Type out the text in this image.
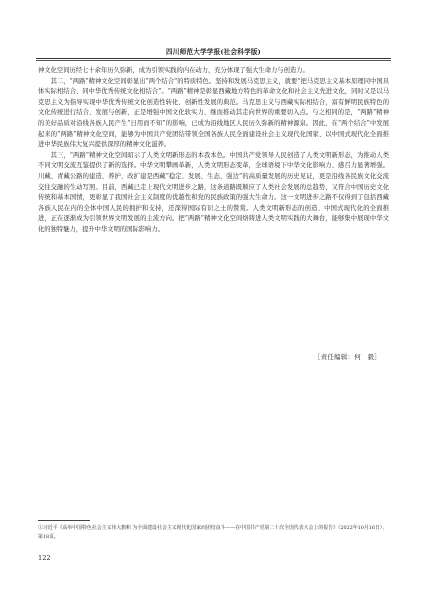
四川师范大学学报(社会科学版)

神文化空间历经七十余年历久弥新，成为引领实践的内在动力，充分体现了强大生命力与创造力。

其二，“两路”精神文化空间彰显出“两个结合”的特质特色。坚持和发展马克思主义，就要“把马克思主义基本原理同中国具体实际相结合、同中华优秀传统文化相结合”。“两路”精神是彰显西藏地方特色的革命文化和社会主义先进文化，同时又是以马克思主义为指导实现中华优秀传统文化创造性转化、创新性发展的典范。马克思主义与西藏实际相结合，富有鲜明民族特色的文化传统进行结合、发展与创新，正是增强中国文化软实力、继而推动其走向世界的重要切入点。与之相同的是，“两路”精神的美好品质对沿线各族人民产生“日用而不知”的影响，已成为沿线地区人民历久弥新的精神源泉。因此，在“两个结合”中发展起来的“两路”精神文化空间，能够为中国共产党团结带领全国各族人民全面建设社会主义现代化国家、以中国式现代化全面推进中华民族伟大复兴提供深厚的精神文化滋养。

其三，“两路”精神文化空间昭示了人类文明新形态的本我本色。中国共产党领导人民创造了人类文明新形态，为推动人类不同文明交流互鉴提供了新的选择。中华文明攀画革新，人类文明形态变革，全球语境下中华文化影响力、感召力显著增强。川藏、青藏公路的建造、养护、改扩建是西藏“稳定、发展、生态、强边”的高质量发展的历史见证，更是沿线各民族文化交流交往交融的生动写照。目前，西藏已走上现代文明进步之路，这条道路既顺应了人类社会发展的总趋势，又符合中国历史文化传统和基本国情，更彰显了我国社会主义制度的优越性和党的民族政策的强大生命力。这一文明进步之路不仅得到了包括西藏各族人民在内的全体中国人民的拥护和支持，还深得国际有识之士的赞赏。人类文明新形态的创造、中国式现代化的全面推进，正在逐渐成为引领世界文明发展的主流方向。把“两路”精神文化空间烙铸进人类文明实践的大舞台，能够集中展现中华文化的独特魅力，提升中华文明的国际影响力。

［责任编辑：何　毅］
①习近平《高举中国特色社会主义伟大旗帜 为全面建设社会主义现代化国家而团结奋斗——在中国共产党第二十次全国代表大会上的报告》（2022年10月16日），第18页。
122
